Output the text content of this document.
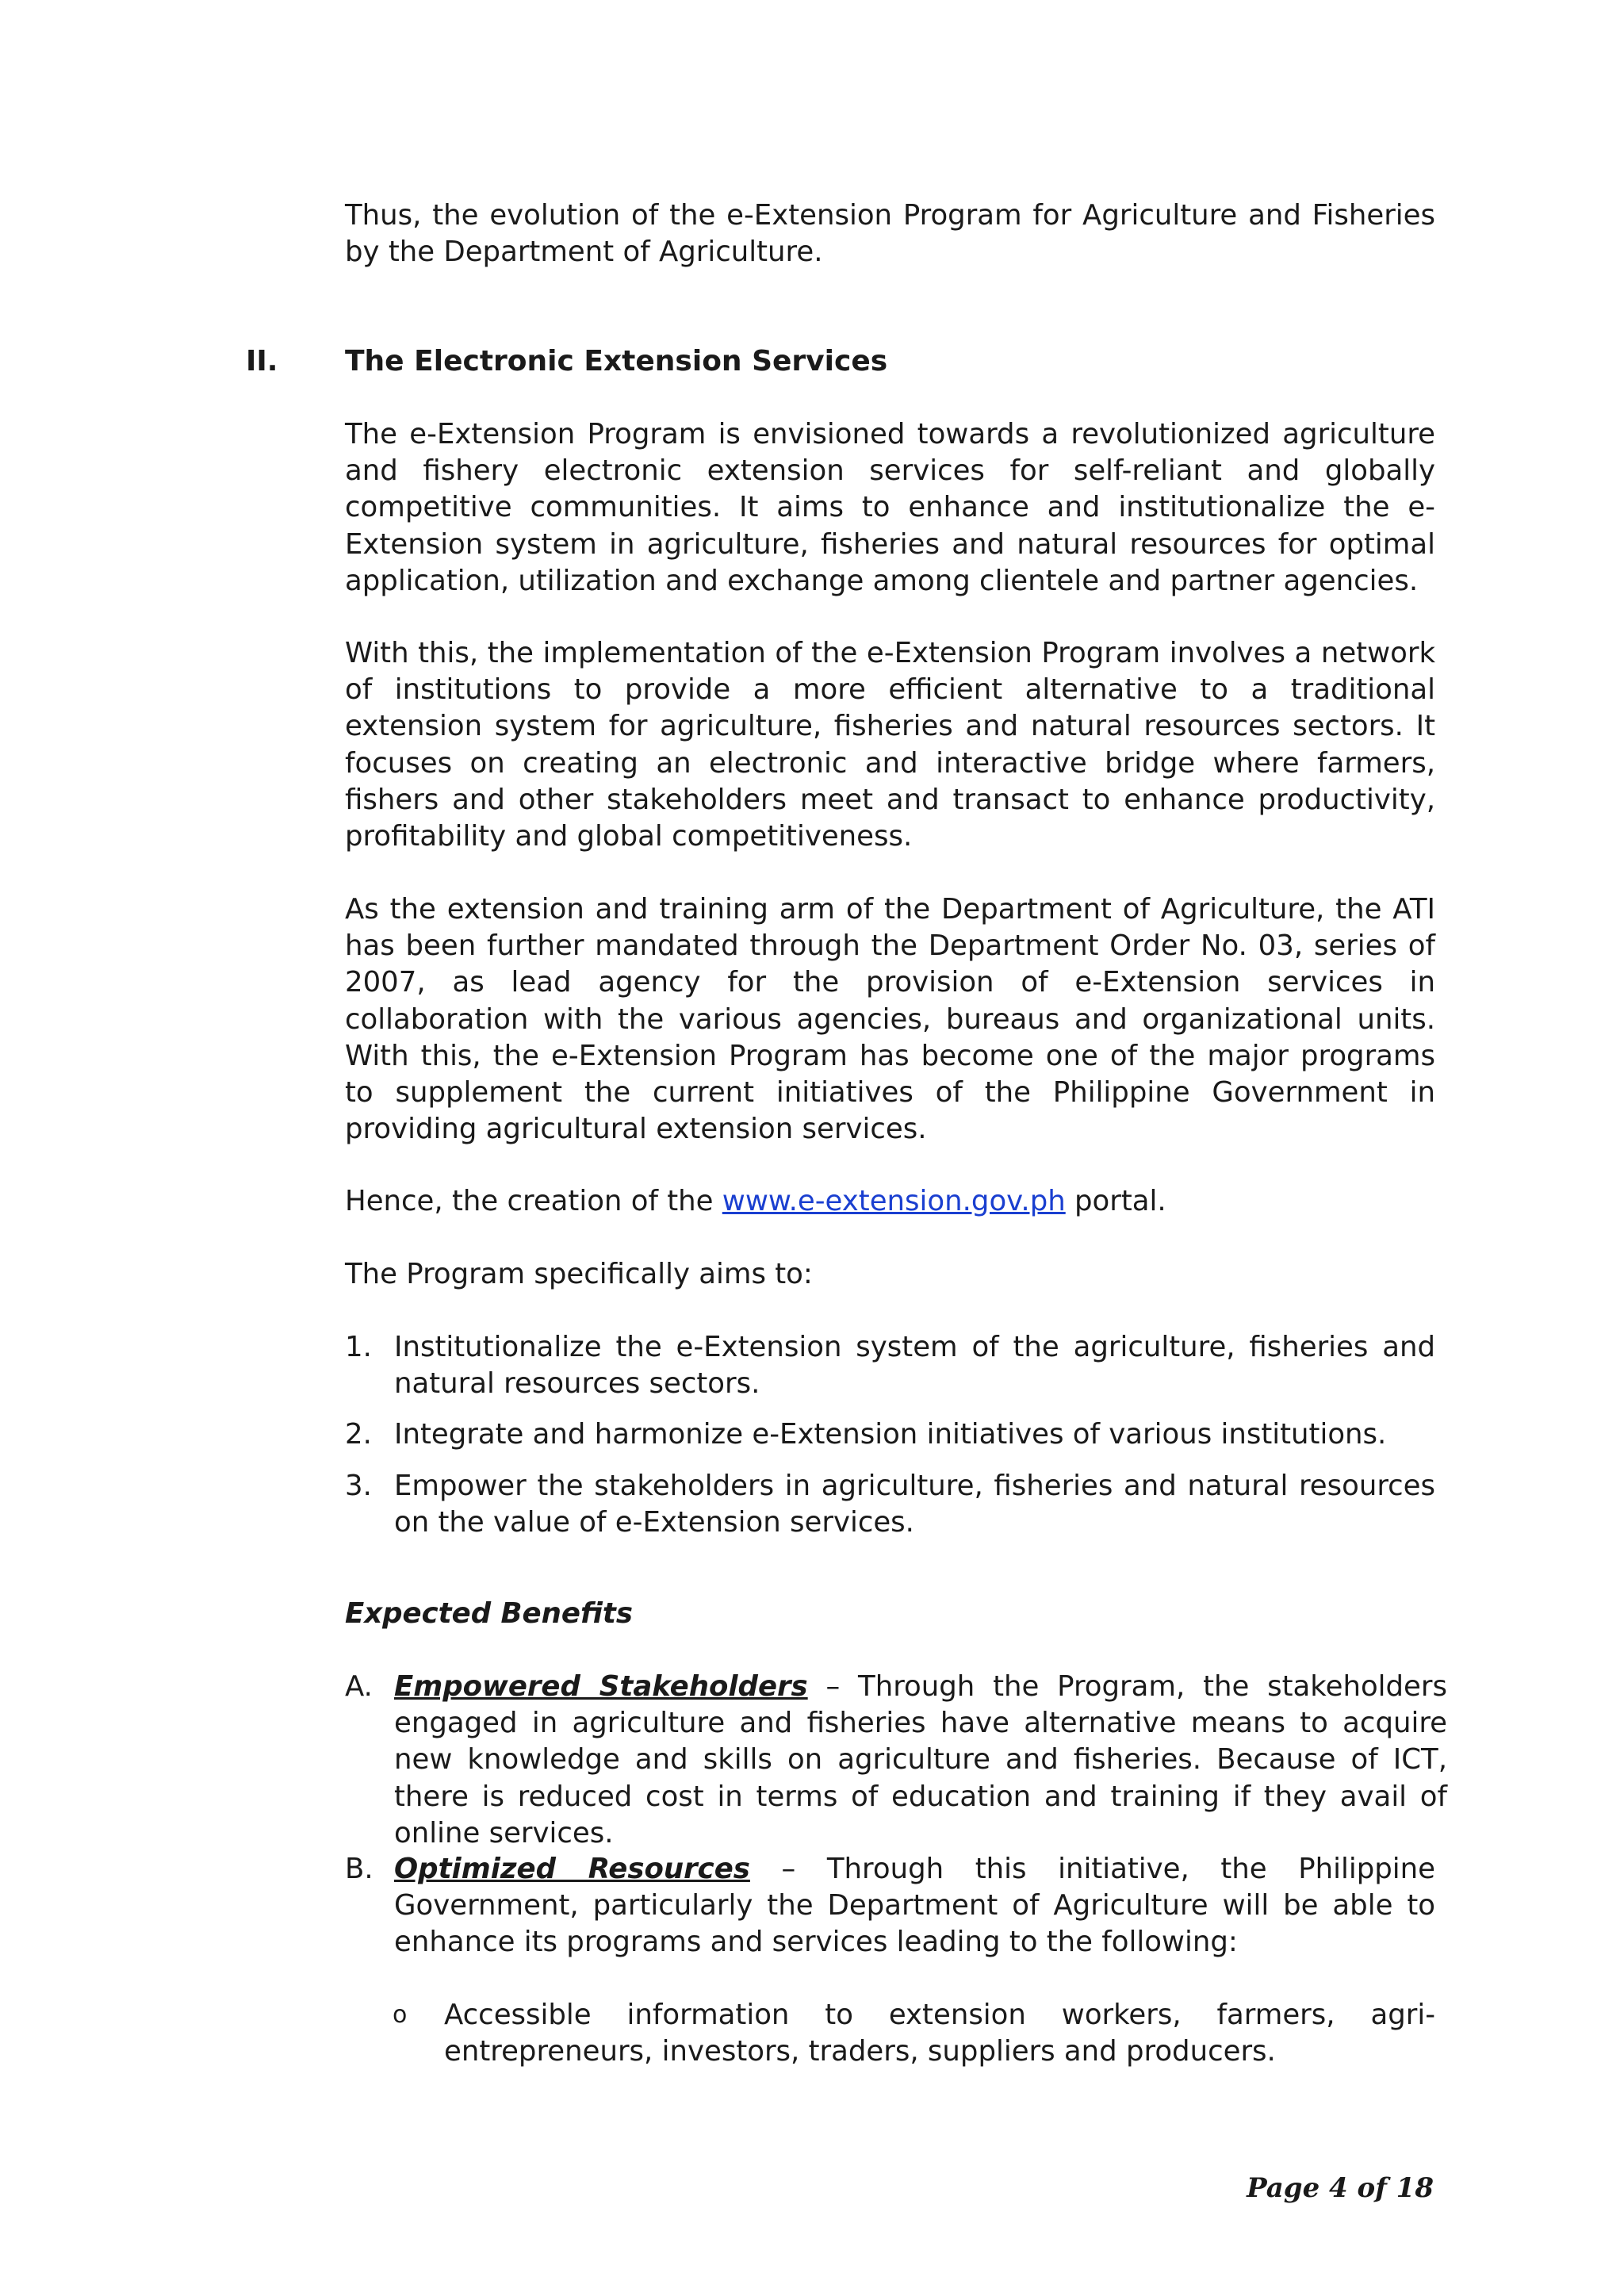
Thus, the evolution of the e-Extension Program for Agriculture and Fisheries by the Department of Agriculture.

II. The Electronic Extension Services

The e-Extension Program is envisioned towards a revolutionized agriculture and fishery electronic extension services for self-reliant and globally competitive communities. It aims to enhance and institutionalize the e-Extension system in agriculture, fisheries and natural resources for optimal application, utilization and exchange among clientele and partner agencies.

With this, the implementation of the e-Extension Program involves a network of institutions to provide a more efficient alternative to a traditional extension system for agriculture, fisheries and natural resources sectors. It focuses on creating an electronic and interactive bridge where farmers, fishers and other stakeholders meet and transact to enhance productivity, profitability and global competitiveness.

As the extension and training arm of the Department of Agriculture, the ATI has been further mandated through the Department Order No. 03, series of 2007, as lead agency for the provision of e-Extension services in collaboration with the various agencies, bureaus and organizational units. With this, the e-Extension Program has become one of the major programs to supplement the current initiatives of the Philippine Government in providing agricultural extension services.

Hence, the creation of the www.e-extension.gov.ph portal.
The Program specifically aims to:
1. Institutionalize the e-Extension system of the agriculture, fisheries and natural resources sectors.
2. Integrate and harmonize e-Extension initiatives of various institutions.
3. Empower the stakeholders in agriculture, fisheries and natural resources on the value of e-Extension services.
Expected Benefits
A. Empowered Stakeholders – Through the Program, the stakeholders engaged in agriculture and fisheries have alternative means to acquire new knowledge and skills on agriculture and fisheries. Because of ICT, there is reduced cost in terms of education and training if they avail of online services.
B. Optimized Resources – Through this initiative, the Philippine Government, particularly the Department of Agriculture will be able to enhance its programs and services leading to the following:
o Accessible information to extension workers, farmers, agri-entrepreneurs, investors, traders, suppliers and producers.
Page 4 of 18
